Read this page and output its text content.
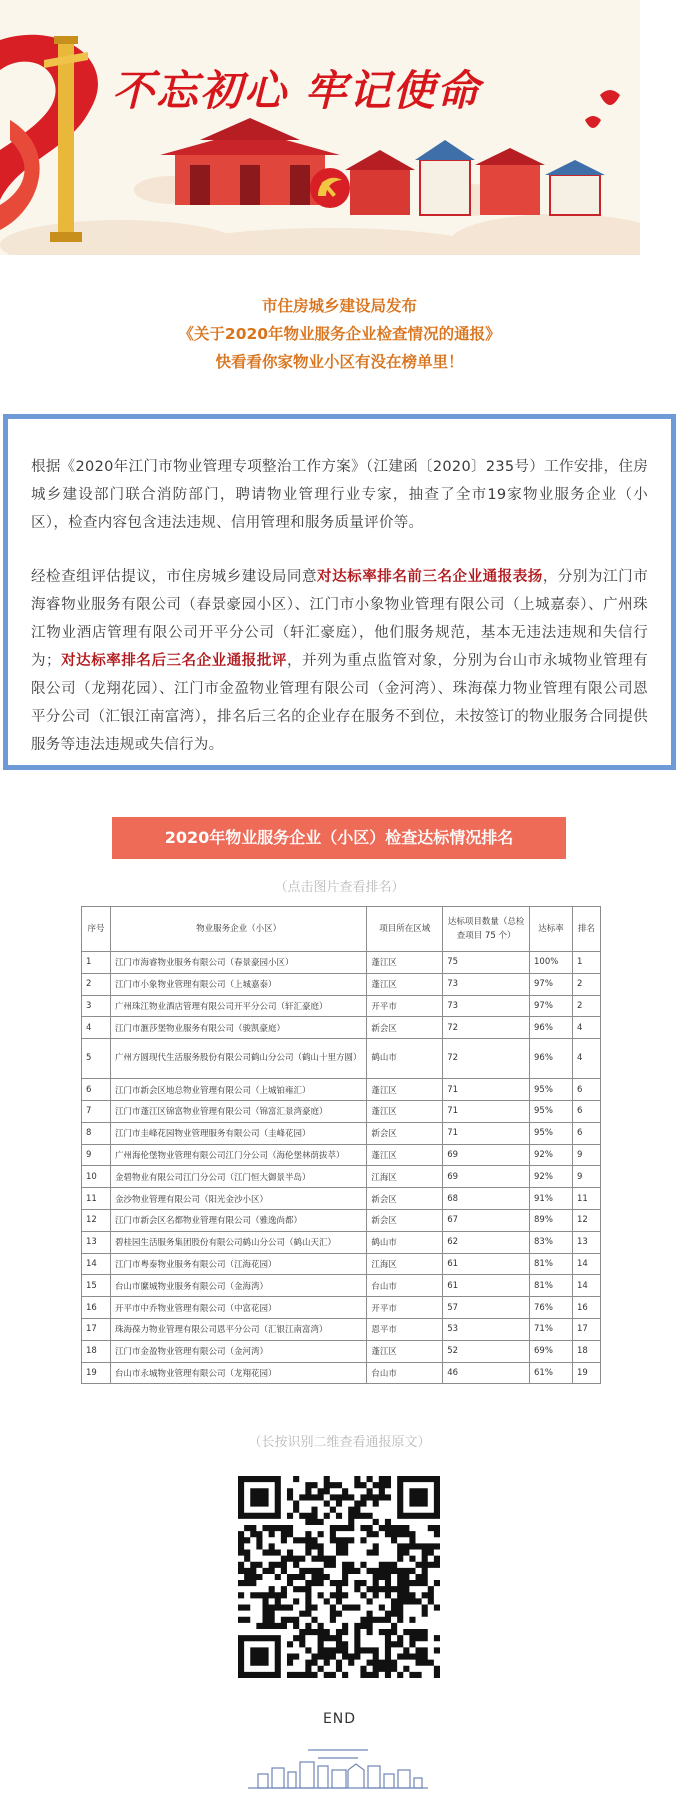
不忘初心 牢记使命
市住房城乡建设局发布
《关于2020年物业服务企业检查情况的通报》
快看看你家物业小区有没在榜单里！

根据《2020年江门市物业管理专项整治工作方案》（江建函〔2020〕235号）工作安排，住房城乡建设部门联合消防部门，聘请物业管理行业专家，抽查了全市19家物业服务企业（小区），检查内容包含违法违规、信用管理和服务质量评价等。

经检查组评估提议，市住房城乡建设局同意对达标率排名前三名企业通报表扬，分别为江门市海睿物业服务有限公司（春景豪园小区）、江门市小象物业管理有限公司（上城嘉泰）、广州珠江物业酒店管理有限公司开平分公司（轩汇豪庭），他们服务规范，基本无违法违规和失信行为；对达标率排名后三名企业通报批评，并列为重点监管对象，分别为台山市永城物业管理有限公司（龙翔花园）、江门市金盈物业管理有限公司（金河湾）、珠海葆力物业管理有限公司恩平分公司（汇银江南富湾），排名后三名的企业存在服务不到位，未按签订的物业服务合同提供服务等违法违规或失信行为。

2020年物业服务企业（小区）检查达标情况排名
（点击图片查看排名）
序号	物业服务企业（小区）	项目所在区域	达标项目数量（总检查项目 75 个）	达标率	排名
1	江门市海睿物业服务有限公司（春景豪园小区）	蓬江区	75	100%	1
2	江门市小象物业管理有限公司（上城嘉泰）	蓬江区	73	97%	2
3	广州珠江物业酒店管理有限公司开平分公司（轩汇豪庭）	开平市	73	97%	2
4	江门市滙莎堡物业服务有限公司（骏凯豪庭）	新会区	72	96%	4
5	广州方圆现代生活服务股份有限公司鹤山分公司（鹤山十里方圆）	鹤山市	72	96%	4
6	江门市新会区地总物业管理有限公司（上城铂雍汇）	蓬江区	71	95%	6
7	江门市蓬江区锦富物业管理有限公司（锦富汇景湾豪庭）	蓬江区	71	95%	6
8	江门市圭峰花园物业管理服务有限公司（圭峰花园）	新会区	71	95%	6
9	广州海伦堡物业管理有限公司江门分公司（海伦堡林荫拔萃）	蓬江区	69	92%	9
10	金碧物业有限公司江门分公司（江门恒大御景半岛）	江海区	69	92%	9
11	金沙物业管理有限公司（阳光金沙小区）	新会区	68	91%	11
12	江门市新会区名都物业管理有限公司（雅逸尚都）	新会区	67	89%	12
13	碧桂园生活服务集团股份有限公司鹤山分公司（鹤山天汇）	鹤山市	62	83%	13
14	江门市粤泰物业服务有限公司（江海花园）	江海区	61	81%	14
15	台山市縻城物业服务有限公司（金海湾）	台山市	61	81%	14
16	开平市中乔物业管理有限公司（中富花园）	开平市	57	76%	16
17	珠海葆力物业管理有限公司恩平分公司（汇银江南富湾）	恩平市	53	71%	17
18	江门市金盈物业管理有限公司（金河湾）	蓬江区	52	69%	18
19	台山市永城物业管理有限公司（龙翔花园）	台山市	46	61%	19
（长按识别二维查看通报原文）
END
